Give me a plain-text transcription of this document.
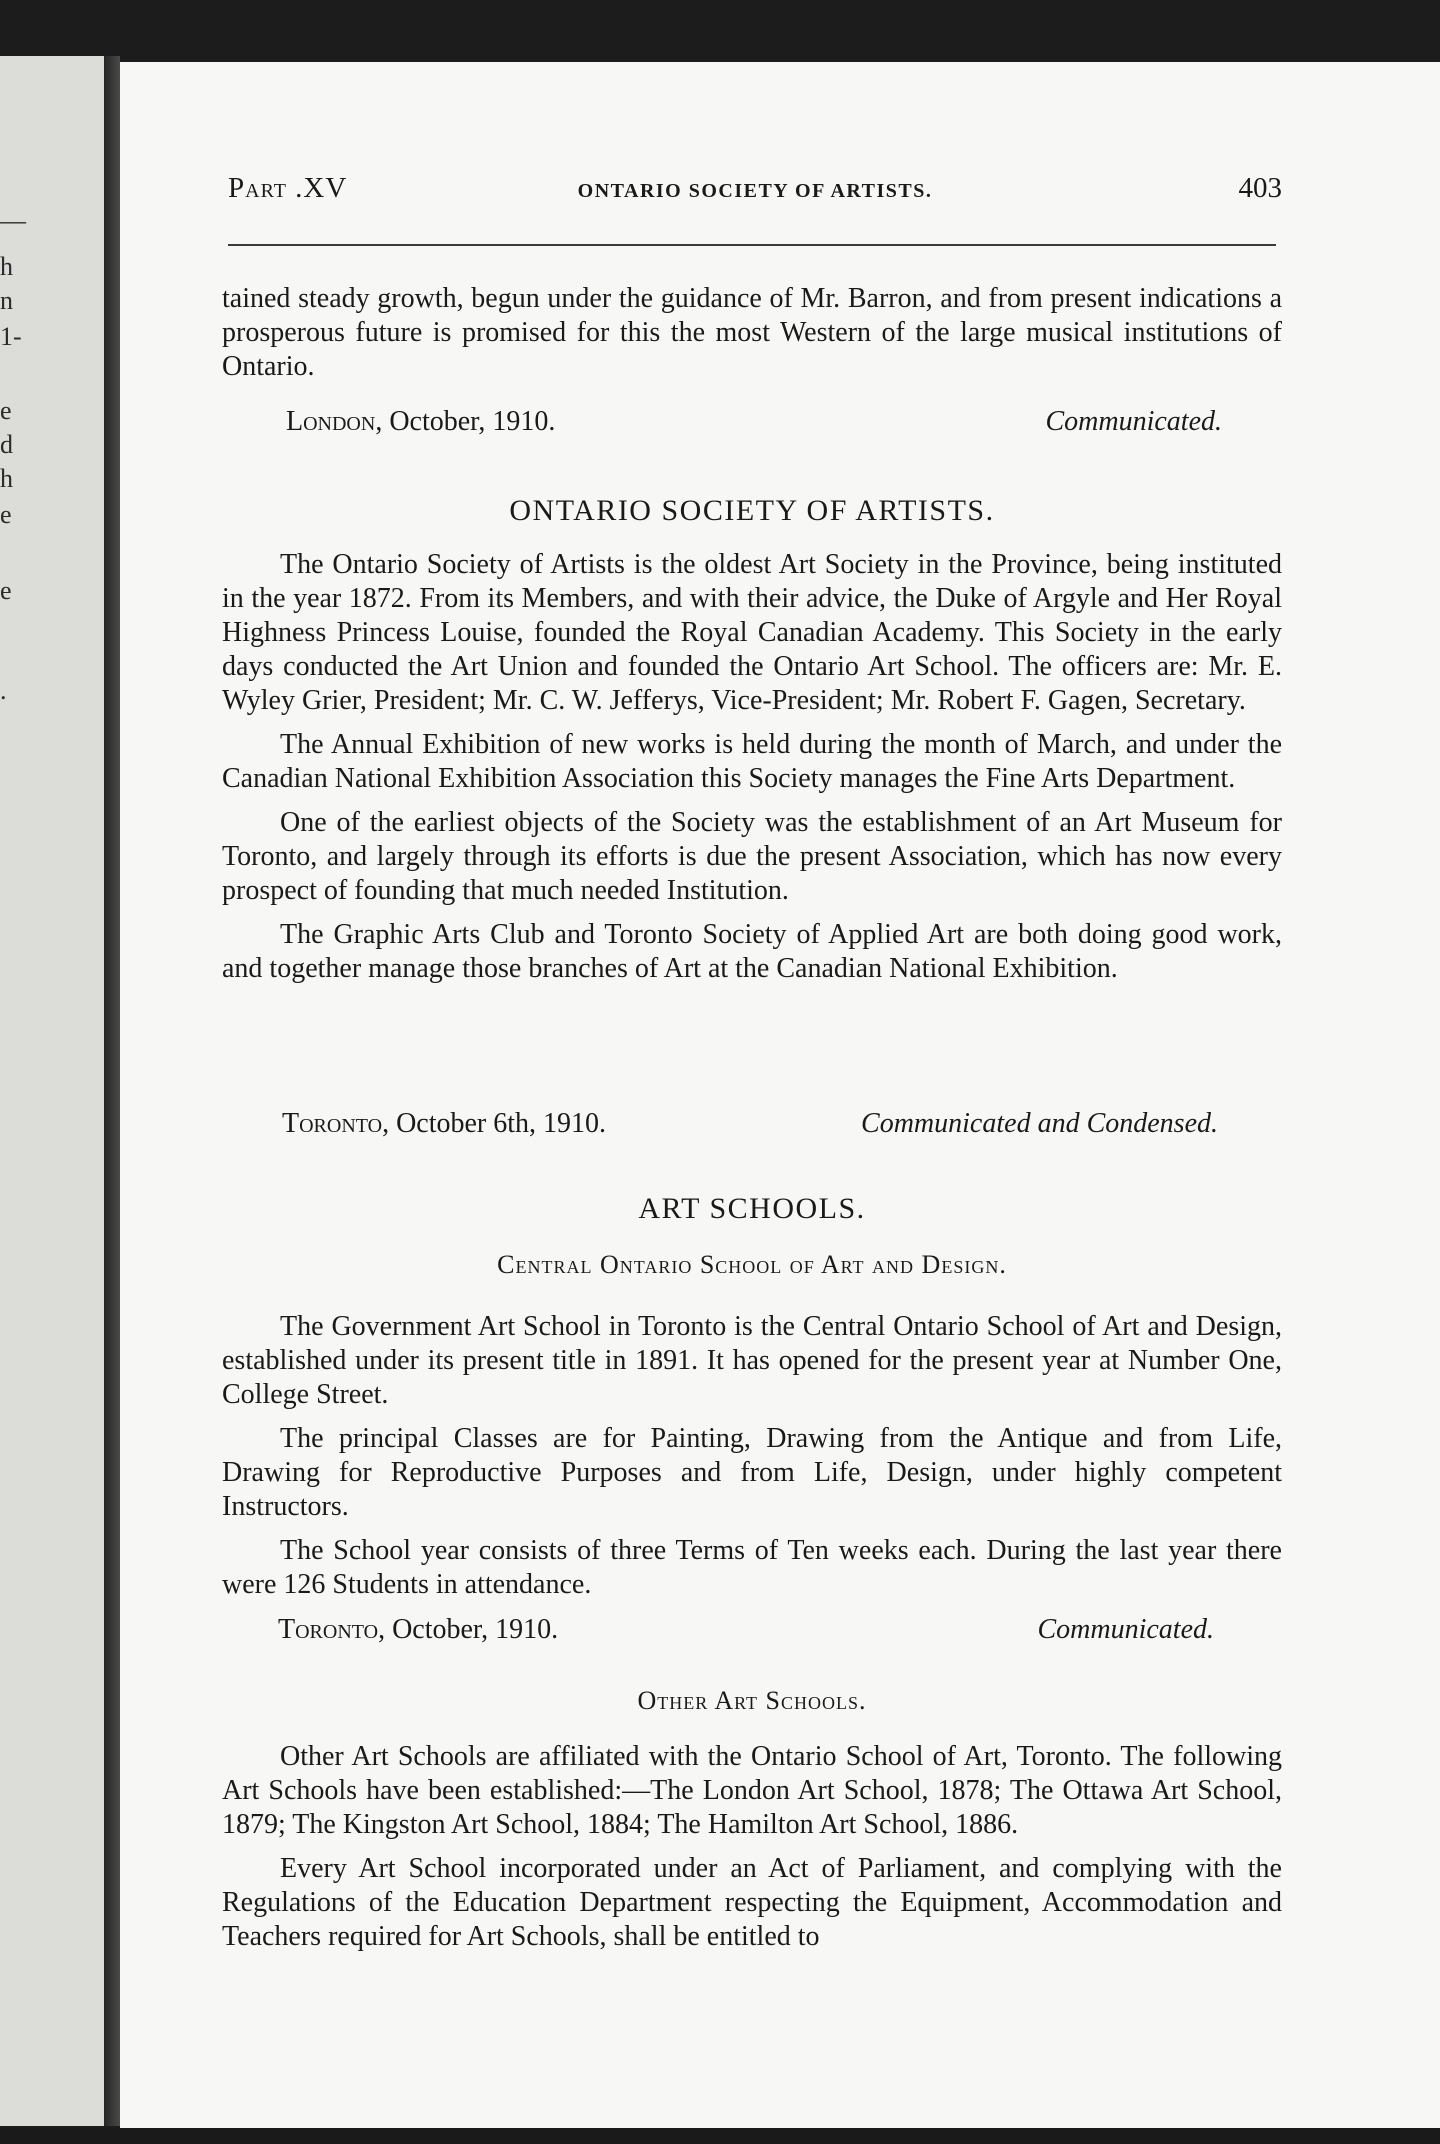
—
h
n
1-
e
d
h
e
e
.
Part .XV	ONTARIO SOCIETY OF ARTISTS.	403

tained steady growth, begun under the guidance of Mr. Barron, and from present indications a prosperous future is promised for this the most Western of the large musical institutions of Ontario.

London, October, 1910.	Communicated.
ONTARIO SOCIETY OF ARTISTS.

The Ontario Society of Artists is the oldest Art Society in the Province, being instituted in the year 1872. From its Members, and with their advice, the Duke of Argyle and Her Royal Highness Princess Louise, founded the Royal Canadian Academy. This Society in the early days conducted the Art Union and founded the Ontario Art School. The officers are: Mr. E. Wyley Grier, President; Mr. C. W. Jefferys, Vice-President; Mr. Robert F. Gagen, Secretary.

The Annual Exhibition of new works is held during the month of March, and under the Canadian National Exhibition Association this Society manages the Fine Arts Department.

One of the earliest objects of the Society was the establishment of an Art Museum for Toronto, and largely through its efforts is due the present Association, which has now every prospect of founding that much needed Institution.

The Graphic Arts Club and Toronto Society of Applied Art are both doing good work, and together manage those branches of Art at the Canadian National Exhibition.

Toronto, October 6th, 1910.	Communicated and Condensed.
ART SCHOOLS.
Central Ontario School of Art and Design.

The Government Art School in Toronto is the Central Ontario School of Art and Design, established under its present title in 1891. It has opened for the present year at Number One, College Street.

The principal Classes are for Painting, Drawing from the Antique and from Life, Drawing for Reproductive Purposes and from Life, Design, under highly competent Instructors.

The School year consists of three Terms of Ten weeks each. During the last year there were 126 Students in attendance.

Toronto, October, 1910.	Communicated.
Other Art Schools.

Other Art Schools are affiliated with the Ontario School of Art, Toronto. The following Art Schools have been established:—The London Art School, 1878; The Ottawa Art School, 1879; The Kingston Art School, 1884; The Hamilton Art School, 1886.

Every Art School incorporated under an Act of Parliament, and complying with the Regulations of the Education Department respecting the Equipment, Accommodation and Teachers required for Art Schools, shall be entitled to
